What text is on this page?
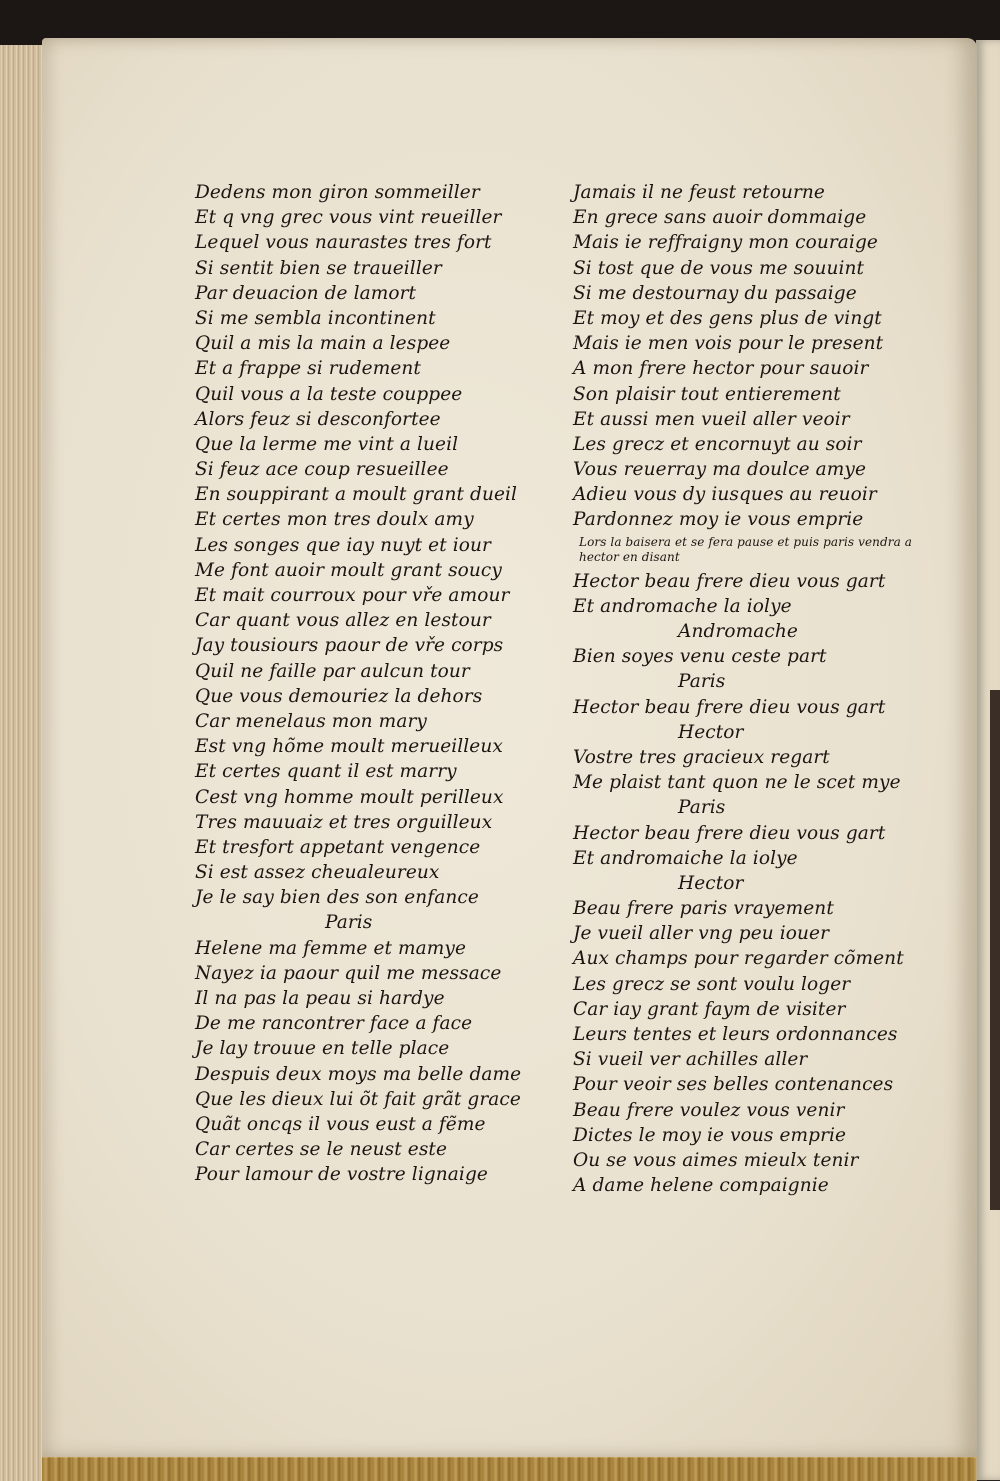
Dedens mon giron sommeiller
Et q vng grec vous vint reueiller
Lequel vous naurastes tres fort
Si sentit bien se traueiller
Par deuacion de lamort
Si me sembla incontinent
Quil a mis la main a lespee
Et a frappe si rudement
Quil vous a la teste couppee
Alors feuz si desconfortee
Que la lerme me vint a lueil
Si feuz ace coup resueillee
En souppirant a moult grant dueil
Et certes mon tres doulx amy
Les songes que iay nuyt et iour
Me font auoir moult grant soucy
Et mait courroux pour vře amour
Car quant vous allez en lestour
Jay tousiours paour de vře corps
Quil ne faille par aulcun tour
Que vous demouriez la dehors
Car menelaus mon mary
Est vng hõme moult merueilleux
Et certes quant il est marry
Cest vng homme moult perilleux
Tres mauuaiz et tres orguilleux
Et tresfort appetant vengence
Si est assez cheualeureux
Je le say bien des son enfance
Paris
Helene ma femme et mamye
Nayez ia paour quil me messace
Il na pas la peau si hardye
De me rancontrer face a face
Je lay trouue en telle place
Despuis deux moys ma belle dame
Que les dieux lui õt fait grãt grace
Quãt oncqs il vous eust a fẽme
Car certes se le neust este
Pour lamour de vostre lignaige
Jamais il ne feust retourne
En grece sans auoir dommaige
Mais ie reffraigny mon couraige
Si tost que de vous me souuint
Si me destournay du passaige
Et moy et des gens plus de vingt
Mais ie men vois pour le present
A mon frere hector pour sauoir
Son plaisir tout entierement
Et aussi men vueil aller veoir
Les grecz et encornuyt au soir
Vous reuerray ma doulce amye
Adieu vous dy iusques au reuoir
Pardonnez moy ie vous emprie
Lors la baisera et se fera pause et puis paris vendra a hector en disant
Hector beau frere dieu vous gart
Et andromache la iolye
Andromache
Bien soyes venu ceste part
Paris
Hector beau frere dieu vous gart
Hector
Vostre tres gracieux regart
Me plaist tant quon ne le scet mye
Paris
Hector beau frere dieu vous gart
Et andromaiche la iolye
Hector
Beau frere paris vrayement
Je vueil aller vng peu iouer
Aux champs pour regarder cõment
Les grecz se sont voulu loger
Car iay grant faym de visiter
Leurs tentes et leurs ordonnances
Si vueil ver achilles aller
Pour veoir ses belles contenances
Beau frere voulez vous venir
Dictes le moy ie vous emprie
Ou se vous aimes mieulx tenir
A dame helene compaignie
